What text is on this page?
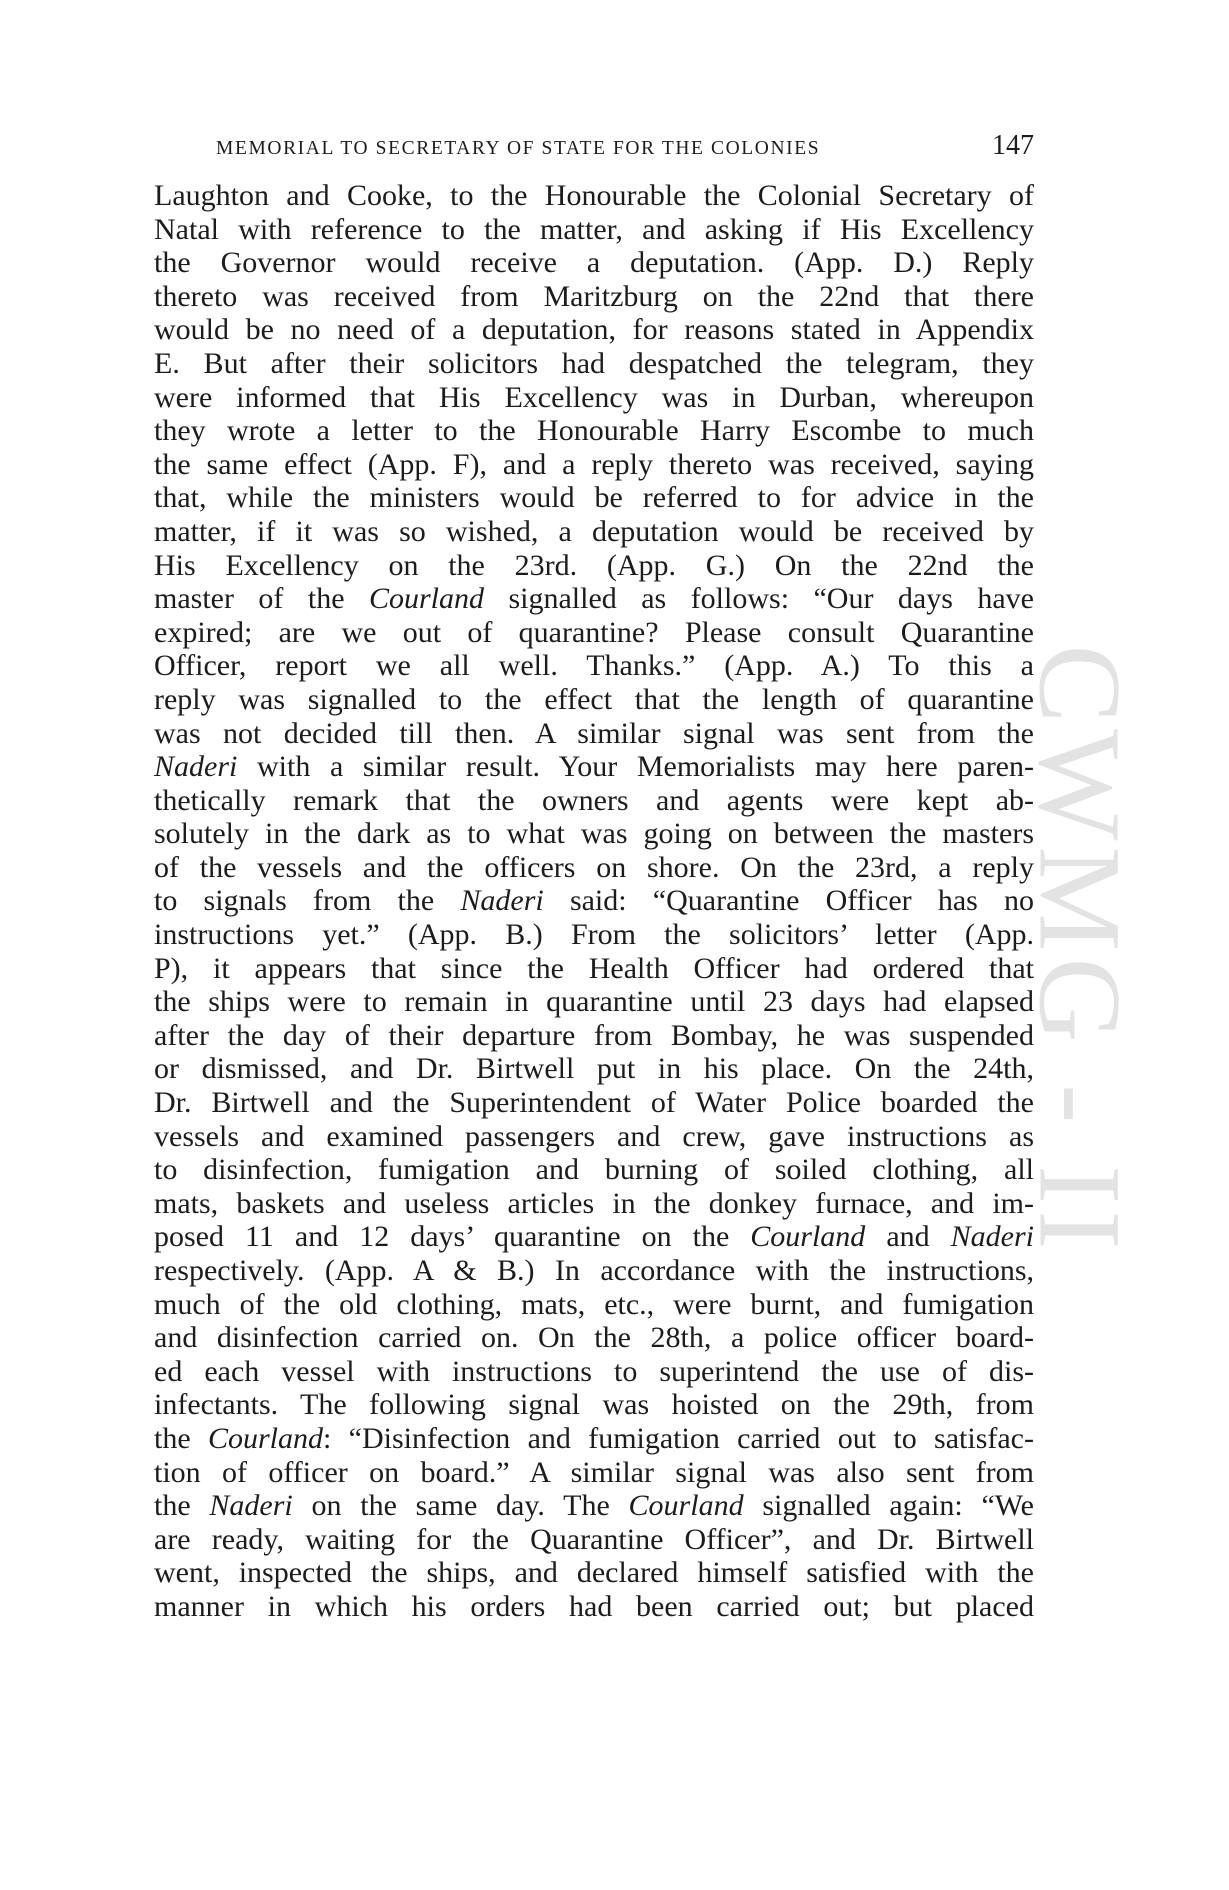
CWMG - II
MEMORIAL TO SECRETARY OF STATE FOR THE COLONIES	147
Laughton and Cooke, to the Honourable the Colonial Secretary of
Natal with reference to the matter, and asking if His Excellency
the Governor would receive a deputation. (App. D.) Reply
thereto was received from Maritzburg on the 22nd that there
would be no need of a deputation, for reasons stated in Appendix
E. But after their solicitors had despatched the telegram, they
were informed that His Excellency was in Durban, whereupon
they wrote a letter to the Honourable Harry Escombe to much
the same effect (App. F), and a reply thereto was received, saying
that, while the ministers would be referred to for advice in the
matter, if it was so wished, a deputation would be received by
His Excellency on the 23rd. (App. G.) On the 22nd the
master of the Courland signalled as follows: “Our days have
expired; are we out of quarantine? Please consult Quarantine
Officer, report we all well. Thanks.” (App. A.) To this a
reply was signalled to the effect that the length of quarantine
was not decided till then. A similar signal was sent from the
Naderi with a similar result. Your Memorialists may here paren-
thetically remark that the owners and agents were kept ab-
solutely in the dark as to what was going on between the masters
of the vessels and the officers on shore. On the 23rd, a reply
to signals from the Naderi said: “Quarantine Officer has no
instructions yet.” (App. B.) From the solicitors’ letter (App.
P), it appears that since the Health Officer had ordered that
the ships were to remain in quarantine until 23 days had elapsed
after the day of their departure from Bombay, he was suspended
or dismissed, and Dr. Birtwell put in his place. On the 24th,
Dr. Birtwell and the Superintendent of Water Police boarded the
vessels and examined passengers and crew, gave instructions as
to disinfection, fumigation and burning of soiled clothing, all
mats, baskets and useless articles in the donkey furnace, and im-
posed 11 and 12 days’ quarantine on the Courland and Naderi
respectively. (App. A & B.) In accordance with the instructions,
much of the old clothing, mats, etc., were burnt, and fumigation
and disinfection carried on. On the 28th, a police officer board-
ed each vessel with instructions to superintend the use of dis-
infectants. The following signal was hoisted on the 29th, from
the Courland: “Disinfection and fumigation carried out to satisfac-
tion of officer on board.” A similar signal was also sent from
the Naderi on the same day. The Courland signalled again: “We
are ready, waiting for the Quarantine Officer”, and Dr. Birtwell
went, inspected the ships, and declared himself satisfied with the
manner in which his orders had been carried out; but placed
